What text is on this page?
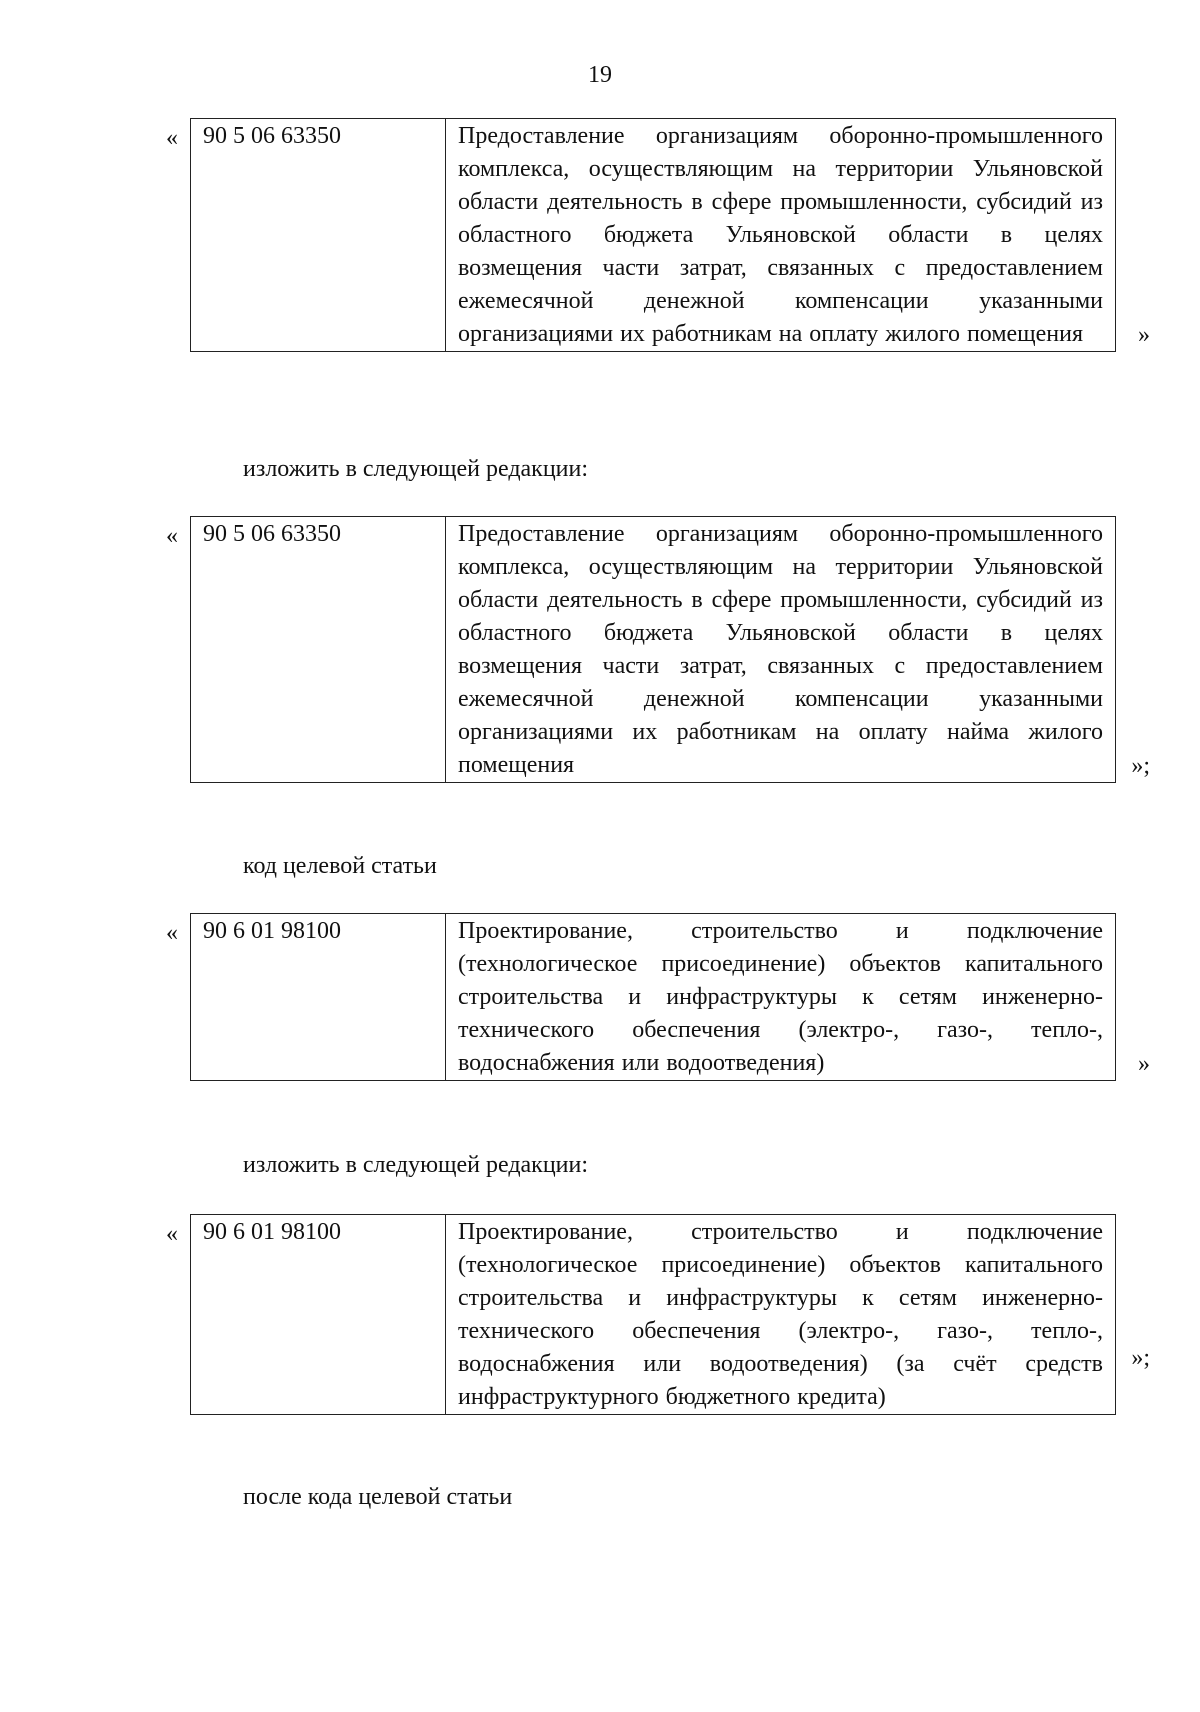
19
« 90 5 06 63350	Предоставление организациям оборонно-промышленного комплекса, осуществляющим на территории Ульяновской области деятельность в сфере промышленности, субсидий из областного бюджета Ульяновской области в целях возмещения части затрат, связанных с предоставлением ежемесячной денежной компенсации указанными организациями их работникам на оплату жилого помещения »
изложить в следующей редакции:
« 90 5 06 63350	Предоставление организациям оборонно-промышленного комплекса, осуществляющим на территории Ульяновской области деятельность в сфере промышленности, субсидий из областного бюджета Ульяновской области в целях возмещения части затрат, связанных с предоставлением ежемесячной денежной компенсации указанными организациями их работникам на оплату найма жилого помещения	»;
код целевой статьи
« 90 6 01 98100	Проектирование, строительство и подключение (технологическое присоединение) объектов капитального строительства и инфраструктуры к сетям инженерно-технического обеспечения (электро-, газо-, тепло-, водоснабжения или водоотведения)	»
изложить в следующей редакции:
« 90 6 01 98100	Проектирование, строительство и подключение (технологическое присоединение) объектов капитального строительства и инфраструктуры к сетям инженерно-технического обеспечения (электро-, газо-, тепло-, водоснабжения или водоотведения) (за счёт средств инфраструктурного бюджетного кредита)
»;
после кода целевой статьи
